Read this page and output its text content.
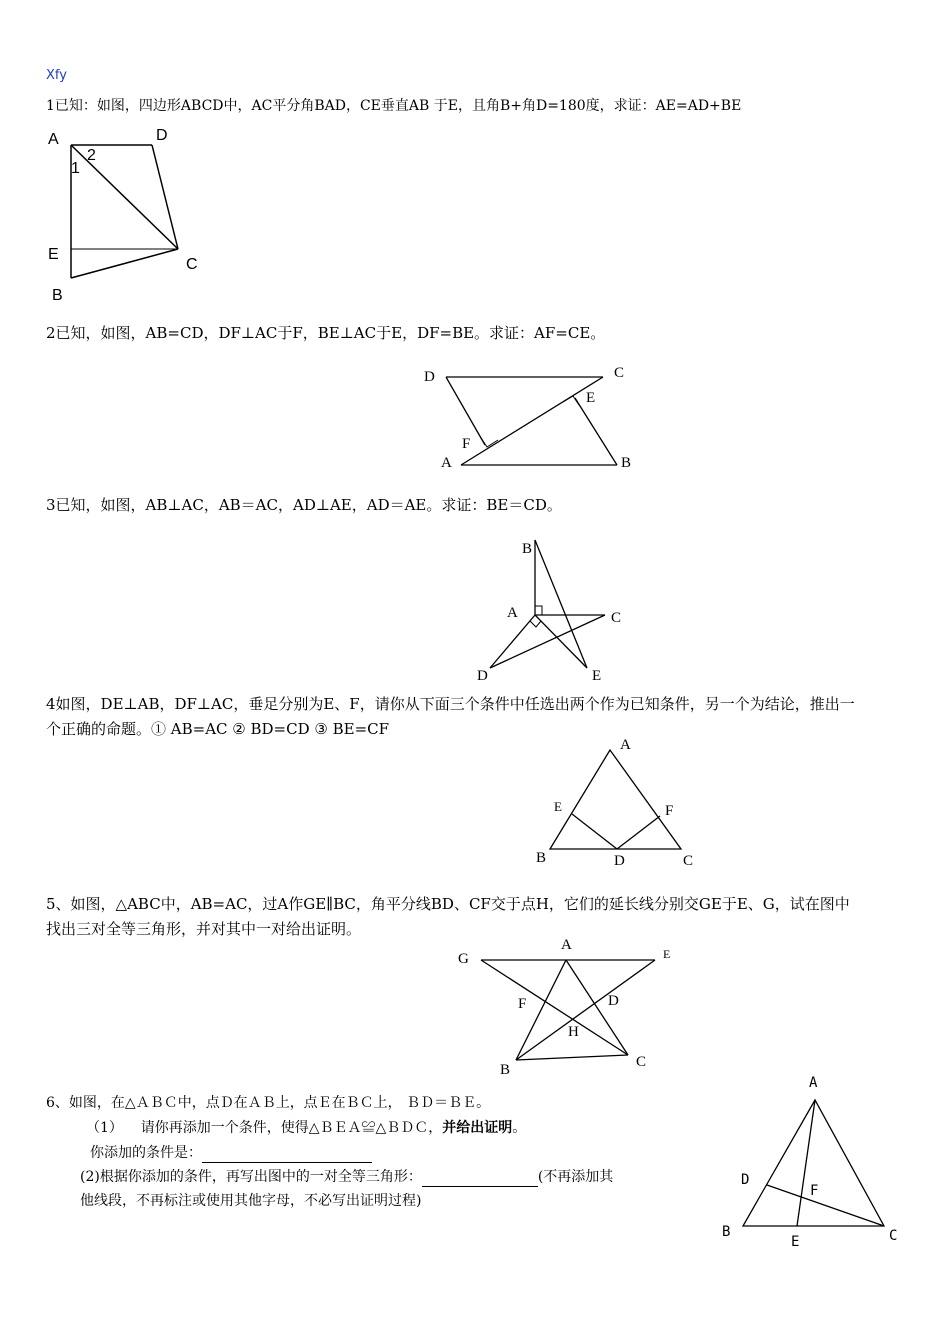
Xfy
1已知：如图，四边形ABCD中，AC平分角BAD，CE垂直AB 于E，且角B+角D=180度，求证：AE=AD+BE
A	D
2
1
E
C
B
2已知，如图，AB=CD，DF⊥AC于F，BE⊥AC于E，DF=BE。求证：AF=CE。
D	C
E
F
A	B
3已知，如图，AB⊥AC，AB＝AC，AD⊥AE，AD＝AE。求证：BE＝CD。
B
A	C
D	E
4如图，DE⊥AB，DF⊥AC，垂足分别为E、F，请你从下面三个条件中任选出两个作为已知条件，另一个为结论，推出一
个正确的命题。① AB=AC ② BD=CD ③ BE=CF
A
E	F
B	D	C
5、如图，△ABC中，AB=AC，过A作GE∥BC，角平分线BD、CF交于点H，它们的延长线分别交GE于E、G，试在图中
找出三对全等三角形，并对其中一对给出证明。
A
G	E
F	D
H
B	C
6、如图，在△ＡＢＣ中，点Ｄ在ＡＢ上，点Ｅ在ＢＣ上， ＢＤ＝ＢＥ。
（1） 请你再添加一个条件，使得△ＢＥＡ≌△ＢＤＣ，并给出证明。
你添加的条件是：
(2)根据你添加的条件，再写出图中的一对全等三角形：	(不再添加其
他线段，不再标注或使用其他字母，不必写出证明过程)
A
D
F
B
E	C
